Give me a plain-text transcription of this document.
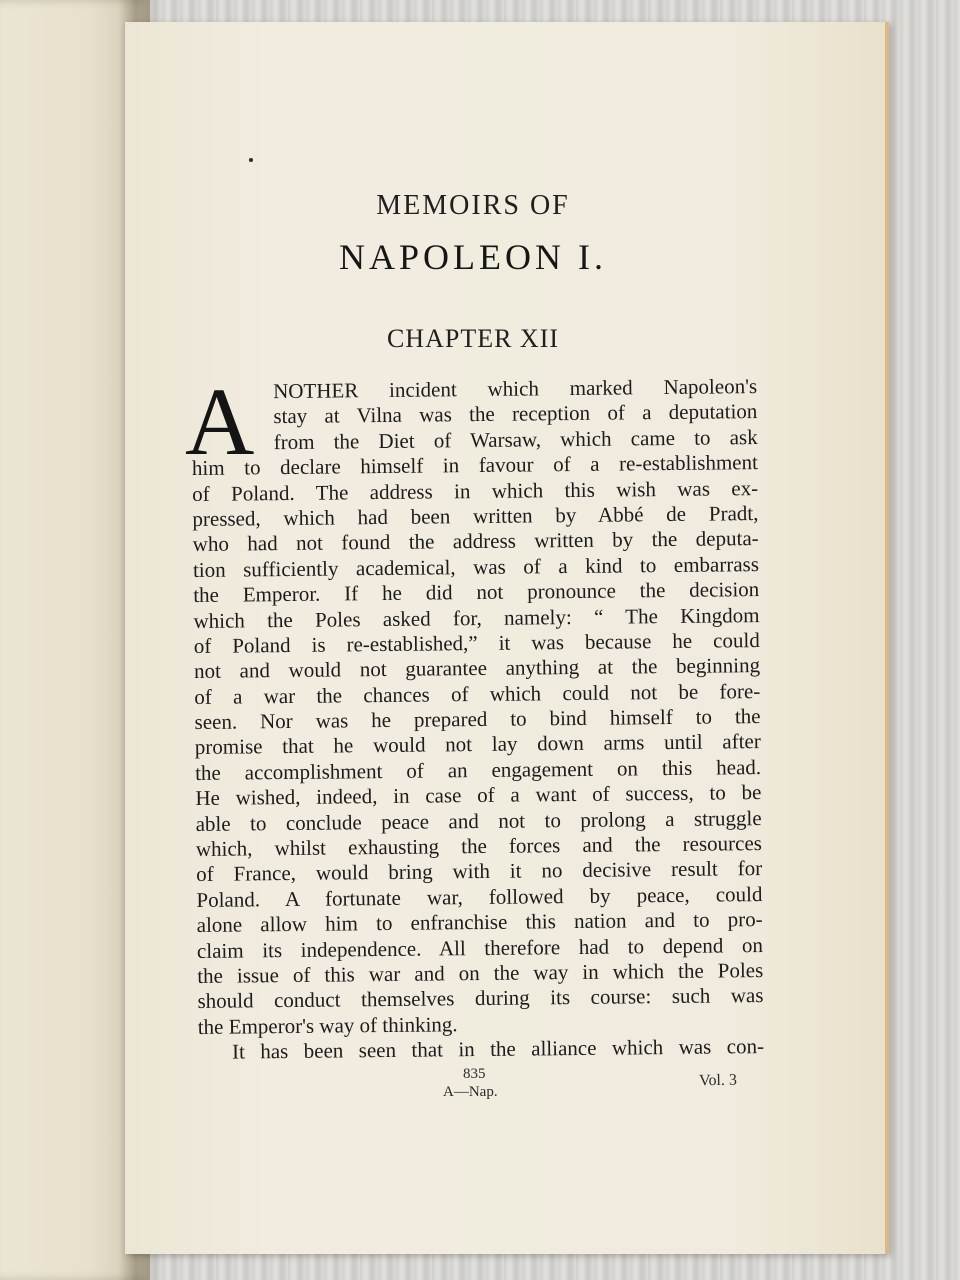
MEMOIRS OF
NAPOLEON I.
CHAPTER XII
A NOTHER incident which marked Napoleon's
stay at Vilna was the reception of a deputation
from the Diet of Warsaw, which came to ask
him to declare himself in favour of a re-establishment
of Poland. The address in which this wish was ex-
pressed, which had been written by Abbé de Pradt,
who had not found the address written by the deputa-
tion sufficiently academical, was of a kind to embarrass
the Emperor. If he did not pronounce the decision
which the Poles asked for, namely: “ The Kingdom
of Poland is re-established,” it was because he could
not and would not guarantee anything at the beginning
of a war the chances of which could not be fore-
seen. Nor was he prepared to bind himself to the
promise that he would not lay down arms until after
the accomplishment of an engagement on this head.
He wished, indeed, in case of a want of success, to be
able to conclude peace and not to prolong a struggle
which, whilst exhausting the forces and the resources
of France, would bring with it no decisive result for
Poland. A fortunate war, followed by peace, could
alone allow him to enfranchise this nation and to pro-
claim its independence. All therefore had to depend on
the issue of this war and on the way in which the Poles
should conduct themselves during its course: such was
the Emperor's way of thinking.
It has been seen that in the alliance which was con-
835
A—Nap.
Vol. 3
